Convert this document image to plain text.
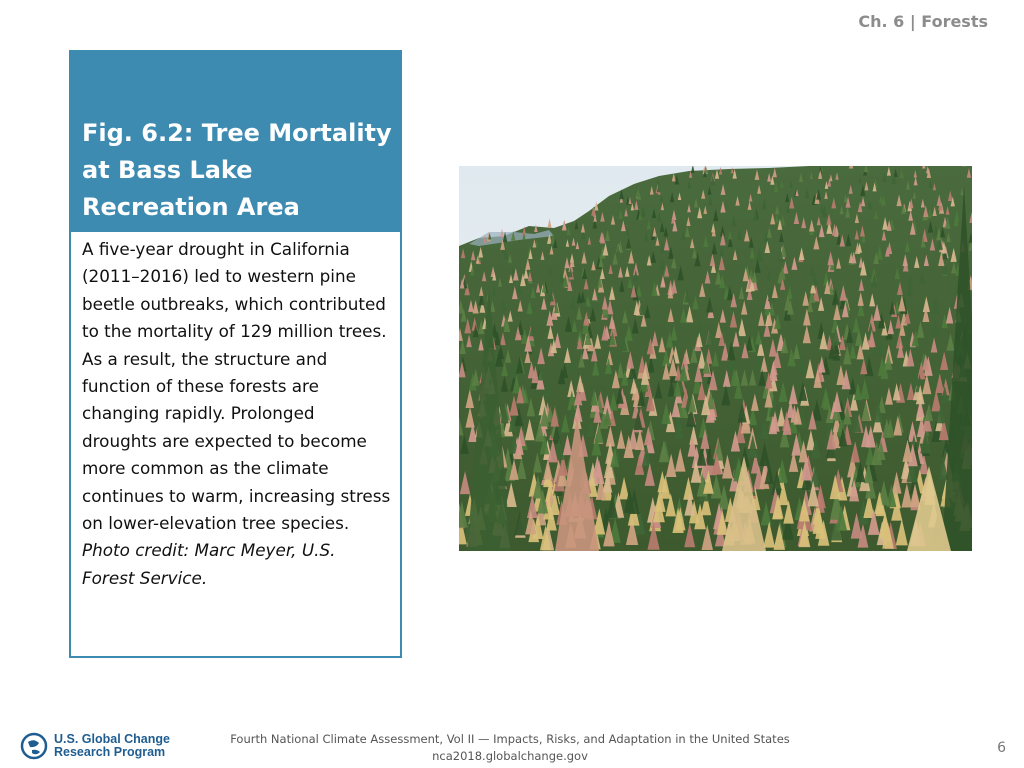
Ch. 6 | Forests
Fig. 6.2: Tree Mortality at Bass Lake Recreation Area
A five-year drought in California (2011–2016) led to western pine beetle outbreaks, which contributed to the mortality of 129 million trees. As a result, the structure and function of these forests are changing rapidly. Prolonged droughts are expected to become more common as the climate continues to warm, increasing stress on lower-elevation tree species. Photo credit: Marc Meyer, U.S. Forest Service.
U.S. Global Change
Research Program
Fourth National Climate Assessment, Vol II — Impacts, Risks, and Adaptation in the United States
nca2018.globalchange.gov	6
